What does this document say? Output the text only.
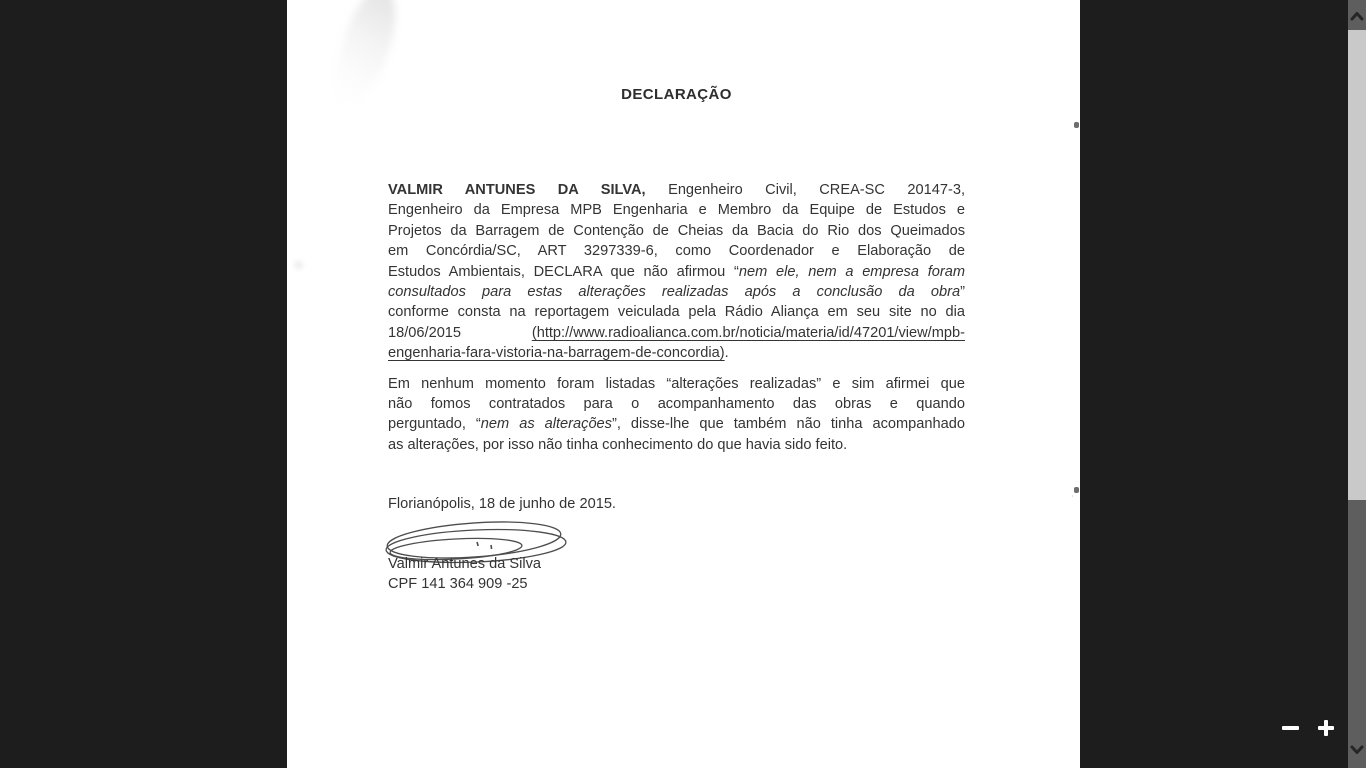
DECLARAÇÃO
VALMIR ANTUNES DA SILVA, Engenheiro Civil, CREA-SC 20147-3,
Engenheiro da Empresa MPB Engenharia e Membro da Equipe de Estudos e
Projetos da Barragem de Contenção de Cheias da Bacia do Rio dos Queimados
em Concórdia/SC, ART 3297339-6, como Coordenador e Elaboração de
Estudos Ambientais, DECLARA que não afirmou “nem ele, nem a empresa foram
consultados para estas alterações realizadas após a conclusão da obra”
conforme consta na reportagem veiculada pela Rádio Aliança em seu site no dia
18/06/2015 (http://www.radioalianca.com.br/noticia/materia/id/47201/view/mpb-
engenharia-fara-vistoria-na-barragem-de-concordia).
Em nenhum momento foram listadas “alterações realizadas” e sim afirmei que
não fomos contratados para o acompanhamento das obras e quando
perguntado, “nem as alterações”, disse-lhe que também não tinha acompanhado
as alterações, por isso não tinha conhecimento do que havia sido feito.
Florianópolis, 18 de junho de 2015.
Valmir Antunes da Silva
CPF 141 364 909 -25
